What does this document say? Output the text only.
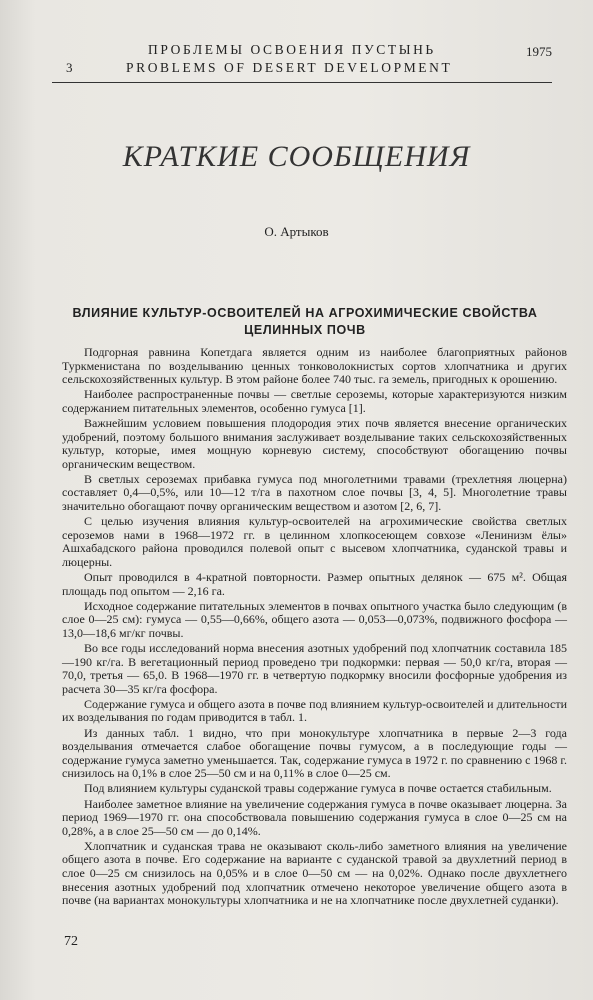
3
ПРОБЛЕМЫ ОСВОЕНИЯ ПУСТЫНЬ
PROBLEMS OF DESERT DEVELOPMENT
1975
КРАТКИЕ СООБЩЕНИЯ
О. Артыков
ВЛИЯНИЕ КУЛЬТУР-ОСВОИТЕЛЕЙ НА АГРОХИМИЧЕСКИЕ СВОЙСТВА
ЦЕЛИННЫХ ПОЧВ

Подгорная равнина Копетдага является одним из наиболее благоприятных районов Туркменистана по возделыванию ценных тонковолокнистых сортов хлопчатника и других сельскохозяйственных культур. В этом районе более 740 тыс. га земель, пригодных к орошению.

Наиболее распространенные почвы — светлые сероземы, которые характеризуются низким содержанием питательных элементов, особенно гумуса [1].

Важнейшим условием повышения плодородия этих почв является внесение органических удобрений, поэтому большого внимания заслуживает возделывание таких сельскохозяйственных культур, которые, имея мощную корневую систему, способствуют обогащению почвы органическим веществом.

В светлых сероземах прибавка гумуса под многолетними травами (трехлетняя люцерна) составляет 0,4—0,5%, или 10—12 т/га в пахотном слое почвы [3, 4, 5]. Многолетние травы значительно обогащают почву органическим веществом и азотом [2, 6, 7].

С целью изучения влияния культур-освоителей на агрохимические свойства светлых сероземов нами в 1968—1972 гг. в целинном хлопкосеющем совхозе «Ленинизм ёлы» Ашхабадского района проводился полевой опыт с высевом хлопчатника, суданской травы и люцерны.

Опыт проводился в 4-кратной повторности. Размер опытных делянок — 675 м². Общая площадь под опытом — 2,16 га.

Исходное содержание питательных элементов в почвах опытного участка было следующим (в слое 0—25 см): гумуса — 0,55—0,66%, общего азота — 0,053—0,073%, подвижного фосфора — 13,0—18,6 мг/кг почвы.

Во все годы исследований норма внесения азотных удобрений под хлопчатник составила 185—190 кг/га. В вегетационный период проведено три подкормки: первая — 50,0 кг/га, вторая — 70,0, третья — 65,0. В 1968—1970 гг. в четвертую подкормку вносили фосфорные удобрения из расчета 30—35 кг/га фосфора.

Содержание гумуса и общего азота в почве под влиянием культур-освоителей и длительности их возделывания по годам приводится в табл. 1.

Из данных табл. 1 видно, что при монокультуре хлопчатника в первые 2—3 года возделывания отмечается слабое обогащение почвы гумусом, а в последующие годы — содержание гумуса заметно уменьшается. Так, содержание гумуса в 1972 г. по сравнению с 1968 г. снизилось на 0,1% в слое 25—50 см и на 0,11% в слое 0—25 см.

Под влиянием культуры суданской травы содержание гумуса в почве остается стабильным.

Наиболее заметное влияние на увеличение содержания гумуса в почве оказывает люцерна. За период 1969—1970 гг. она способствовала повышению содержания гумуса в слое 0—25 см на 0,28%, а в слое 25—50 см — до 0,14%.

Хлопчатник и суданская трава не оказывают сколь-либо заметного влияния на увеличение общего азота в почве. Его содержание на варианте с суданской травой за двухлетний период в слое 0—25 см снизилось на 0,05% и в слое 0—50 см — на 0,02%. Однако после двухлетнего внесения азотных удобрений под хлопчатник отмечено некоторое увеличение общего азота в почве (на вариантах монокультуры хлопчатника и не на хлопчатнике после двухлетней суданки).

72
